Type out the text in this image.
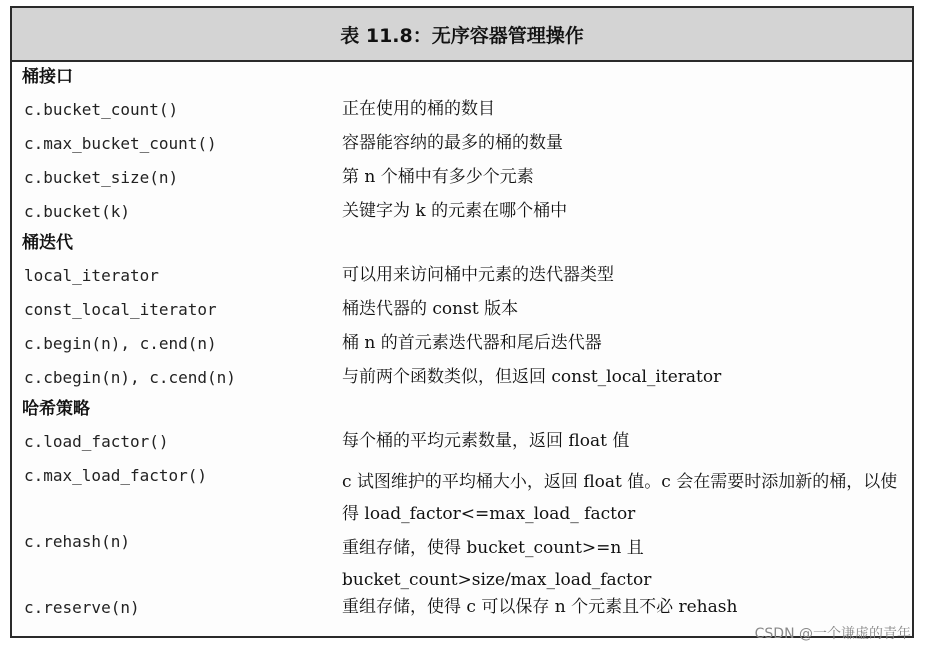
表 11.8：无序容器管理操作
桶接口
c.bucket_count()	正在使用的桶的数目
c.max_bucket_count()	容器能容纳的最多的桶的数量
c.bucket_size(n)	第 n 个桶中有多少个元素
c.bucket(k)	关键字为 k 的元素在哪个桶中
桶迭代
local_iterator	可以用来访问桶中元素的迭代器类型
const_local_iterator	桶迭代器的 const 版本
c.begin(n), c.end(n)	桶 n 的首元素迭代器和尾后迭代器
c.cbegin(n), c.cend(n)	与前两个函数类似，但返回 const_local_iterator
哈希策略
c.load_factor()	每个桶的平均元素数量，返回 float 值
c.max_load_factor()	c 试图维护的平均桶大小，返回 float 值。c 会在需要时添加新的桶，以使得 load_factor<=max_load_ factor
c.rehash(n)	重组存储，使得 bucket_count>=n 且 bucket_count>size/max_load_factor
c.reserve(n)	重组存储，使得 c 可以保存 n 个元素且不必 rehash
CSDN @一个谦虚的青年
